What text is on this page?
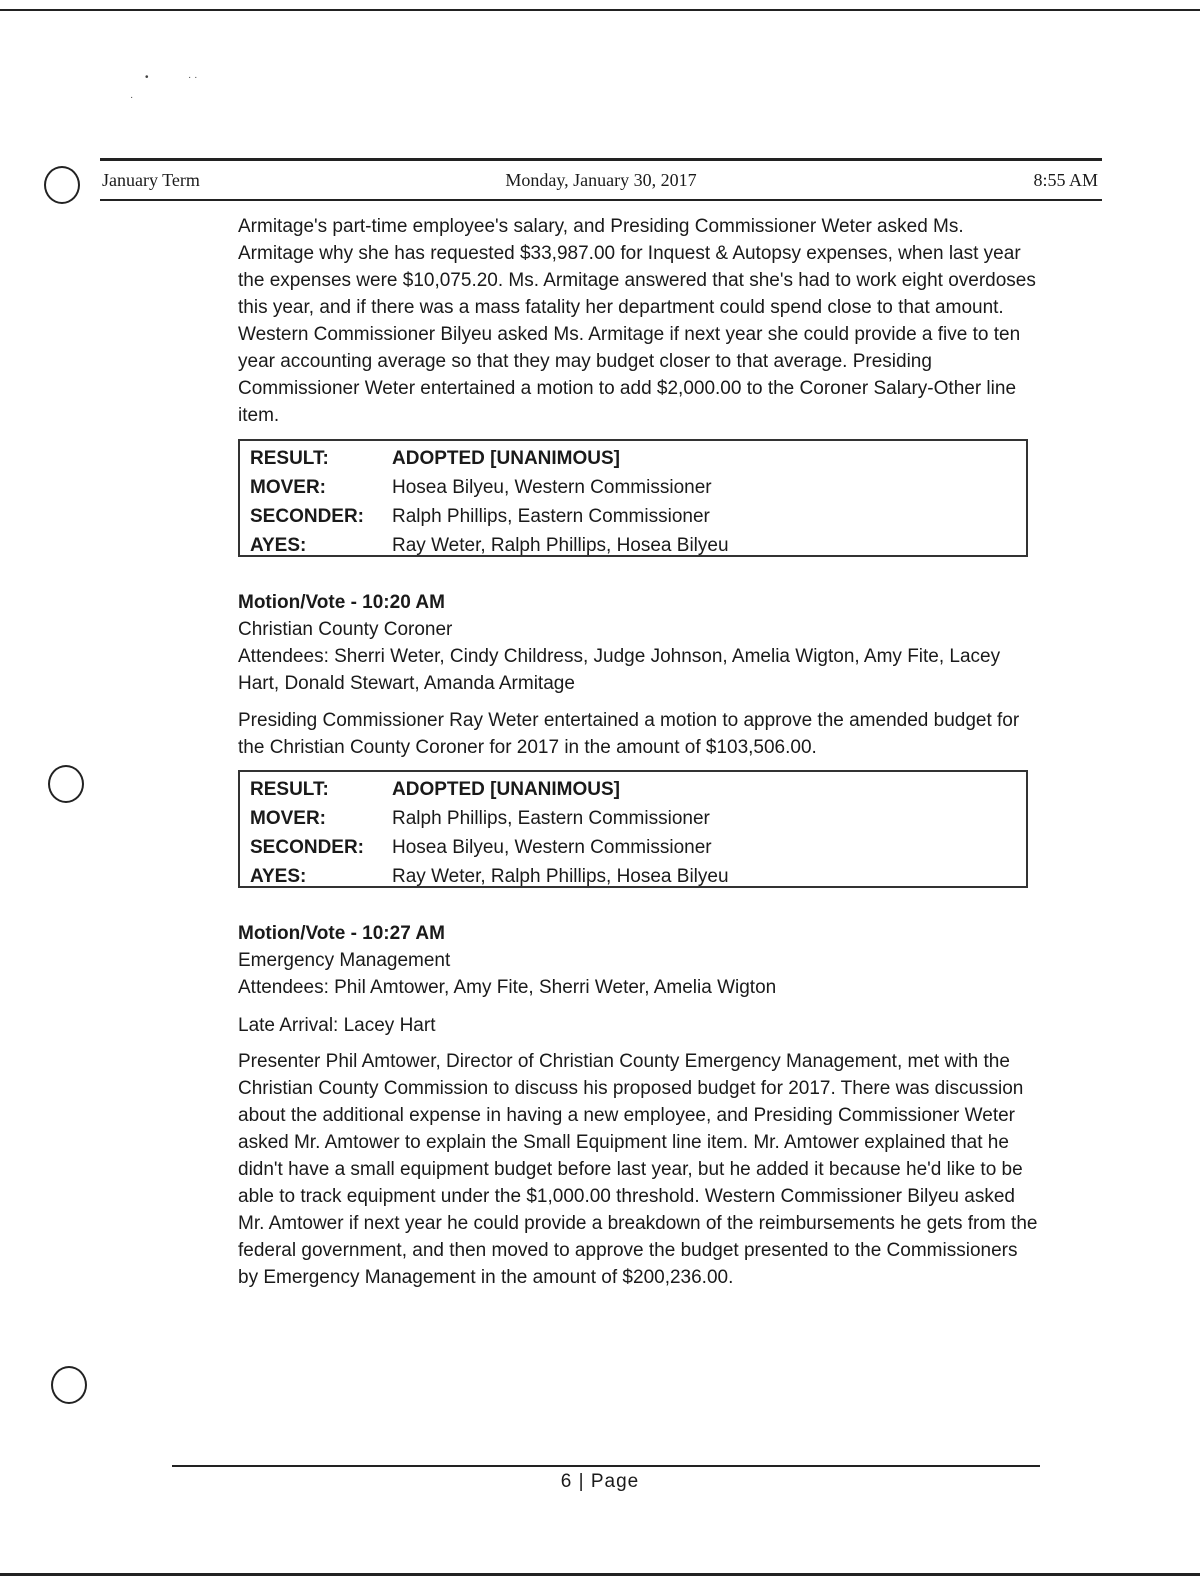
•	· ·
·
January Term	Monday, January 30, 2017	8:55 AM

Armitage's part-time employee's salary, and Presiding Commissioner Weter asked Ms. Armitage why she has requested $33,987.00 for Inquest & Autopsy expenses, when last year the expenses were $10,075.20. Ms. Armitage answered that she's had to work eight overdoses this year, and if there was a mass fatality her department could spend close to that amount. Western Commissioner Bilyeu asked Ms. Armitage if next year she could provide a five to ten year accounting average so that they may budget closer to that average. Presiding Commissioner Weter entertained a motion to add $2,000.00 to the Coroner Salary-Other line item.

RESULT:	ADOPTED [UNANIMOUS]
MOVER:	Hosea Bilyeu, Western Commissioner
SECONDER:	Ralph Phillips, Eastern Commissioner
AYES:	Ray Weter, Ralph Phillips, Hosea Bilyeu
Motion/Vote - 10:20 AM
Christian County Coroner
Attendees: Sherri Weter, Cindy Childress, Judge Johnson, Amelia Wigton, Amy Fite, Lacey Hart, Donald Stewart, Amanda Armitage

Presiding Commissioner Ray Weter entertained a motion to approve the amended budget for the Christian County Coroner for 2017 in the amount of $103,506.00.

RESULT:	ADOPTED [UNANIMOUS]
MOVER:	Ralph Phillips, Eastern Commissioner
SECONDER:	Hosea Bilyeu, Western Commissioner
AYES:	Ray Weter, Ralph Phillips, Hosea Bilyeu
Motion/Vote - 10:27 AM
Emergency Management
Attendees: Phil Amtower, Amy Fite, Sherri Weter, Amelia Wigton
Late Arrival: Lacey Hart

Presenter Phil Amtower, Director of Christian County Emergency Management, met with the Christian County Commission to discuss his proposed budget for 2017. There was discussion about the additional expense in having a new employee, and Presiding Commissioner Weter asked Mr. Amtower to explain the Small Equipment line item. Mr. Amtower explained that he didn't have a small equipment budget before last year, but he added it because he'd like to be able to track equipment under the $1,000.00 threshold. Western Commissioner Bilyeu asked Mr. Amtower if next year he could provide a breakdown of the reimbursements he gets from the federal government, and then moved to approve the budget presented to the Commissioners by Emergency Management in the amount of $200,236.00.

6 | Page
